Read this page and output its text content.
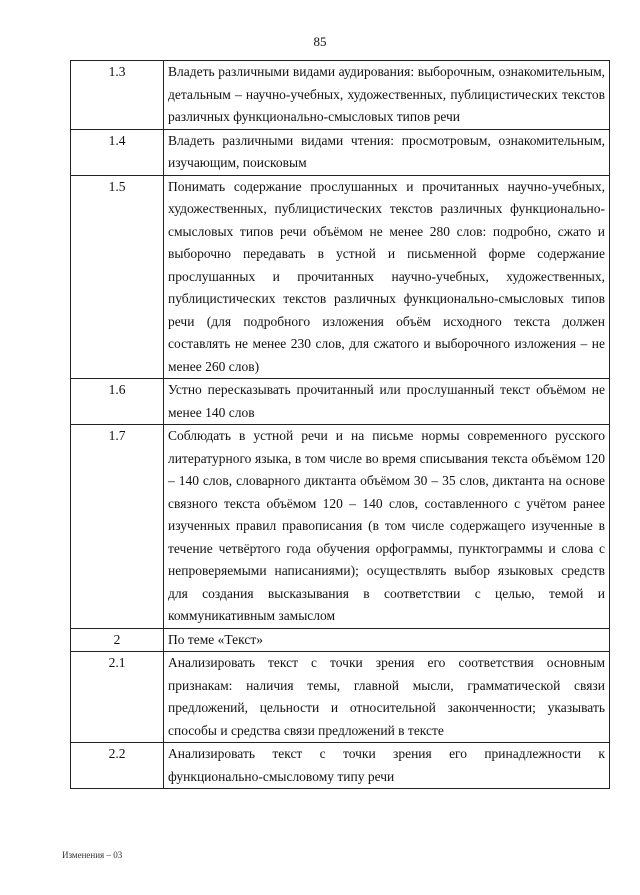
85
1.3	Владеть различными видами аудирования: выборочным, ознакомительным, детальным – научно-учебных, художественных, публицистических текстов различных функционально-смысловых типов речи
1.4	Владеть различными видами чтения: просмотровым, ознакомительным, изучающим, поисковым
1.5	Понимать содержание прослушанных и прочитанных научно-учебных, художественных, публицистических текстов различных функционально-смысловых типов речи объёмом не менее 280 слов: подробно, сжато и выборочно передавать в устной и письменной форме содержание прослушанных и прочитанных научно-учебных, художественных, публицистических текстов различных функционально-смысловых типов речи (для подробного изложения объём исходного текста должен составлять не менее 230 слов, для сжатого и выборочного изложения – не менее 260 слов)
1.6	Устно пересказывать прочитанный или прослушанный текст объёмом не менее 140 слов
1.7	Соблюдать в устной речи и на письме нормы современного русского литературного языка, в том числе во время списывания текста объёмом 120 – 140 слов, словарного диктанта объёмом 30 – 35 слов, диктанта на основе связного текста объёмом 120 – 140 слов, составленного с учётом ранее изученных правил правописания (в том числе содержащего изученные в течение четвёртого года обучения орфограммы, пунктограммы и слова с непроверяемыми написаниями); осуществлять выбор языковых средств для создания высказывания в соответствии с целью, темой и коммуникативным замыслом
2	По теме «Текст»
2.1	Анализировать текст с точки зрения его соответствия основным признакам: наличия темы, главной мысли, грамматической связи предложений, цельности и относительной законченности; указывать способы и средства связи предложений в тексте
2.2	Анализировать текст с точки зрения его принадлежности к функционально-смысловому типу речи
Изменения – 03
